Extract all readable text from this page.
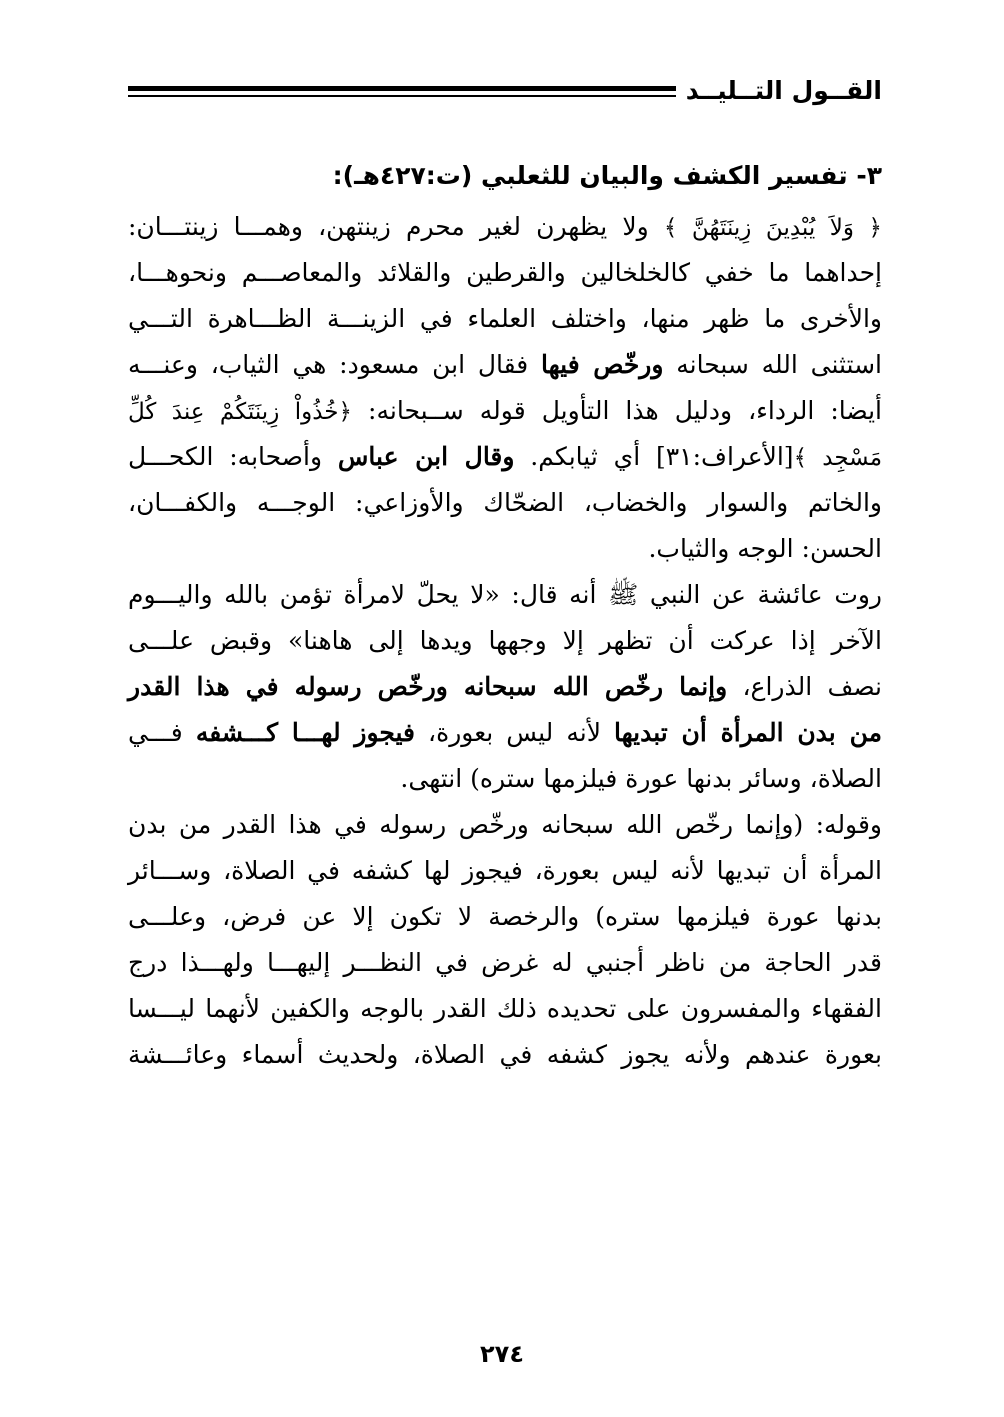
القــول التــليــد
٣- تفسير الكشف والبيان للثعلبي (ت:٤٢٧هـ):
﴿ وَلاَ يُبْدِينَ زِينَتَهُنَّ ﴾ ولا يظهرن لغير محرم زينتهن، وهمـــا زينتـــان:
إحداهما ما خفي كالخلخالين والقرطين والقلائد والمعاصـــم ونحوهـــا،
والأخرى ما ظهر منها، واختلف العلماء في الزينـــة الظـــاهرة التـــي
استثنى الله سبحانه ورخّص فيها فقال ابن مسعود: هي الثياب، وعنـــه
أيضا: الرداء، ودليل هذا التأويل قوله ســبحانه: ﴿خُذُواْ زِينَتَكُمْ عِندَ كُلِّ
مَسْجِد ﴾[الأعراف:٣١] أي ثيابكم. وقال ابن عباس وأصحابه: الكحـــل
والخاتم والسوار والخضاب، الضحّاك والأوزاعي: الوجـــه والكفـــان،
الحسن: الوجه والثياب.
روت عائشة عن النبي ﷺ أنه قال: «لا يحلّ لامرأة تؤمن بالله واليـــوم
الآخر إذا عركت أن تظهر إلا وجهها ويدها إلى هاهنا» وقبض علـــى
نصف الذراع، وإنما رخّص الله سبحانه ورخّص رسوله في هذا القدر
من بدن المرأة أن تبديها لأنه ليس بعورة، فيجوز لهـــا كـــشفه فـــي
الصلاة، وسائر بدنها عورة فيلزمها ستره) انتهى.
وقوله: (وإنما رخّص الله سبحانه ورخّص رسوله في هذا القدر من بدن
المرأة أن تبديها لأنه ليس بعورة، فيجوز لها كشفه في الصلاة، وســـائر
بدنها عورة فيلزمها ستره) والرخصة لا تكون إلا عن فرض، وعلـــى
قدر الحاجة من ناظر أجنبي له غرض في النظـــر إليهـــا ولهـــذا درج
الفقهاء والمفسرون على تحديده ذلك القدر بالوجه والكفين لأنهما ليـــسا
بعورة عندهم ولأنه يجوز كشفه في الصلاة، ولحديث أسماء وعائـــشة
٢٧٤
